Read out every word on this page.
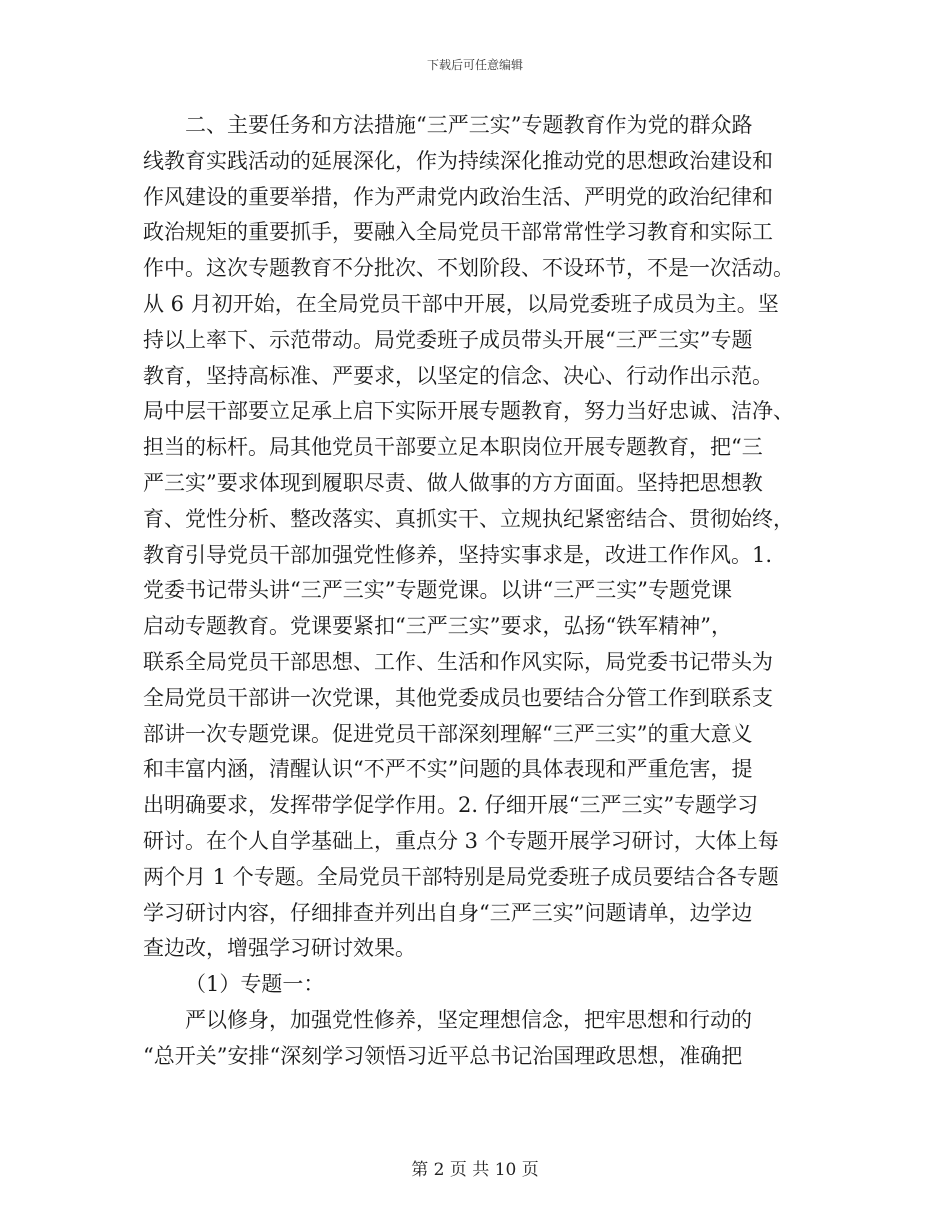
下载后可任意编辑
二、主要任务和方法措施“三严三实”专题教育作为党的群众路
线教育实践活动的延展深化，作为持续深化推动党的思想政治建设和
作风建设的重要举措，作为严肃党内政治生活、严明党的政治纪律和
政治规矩的重要抓手，要融入全局党员干部常常性学习教育和实际工
作中。这次专题教育不分批次、不划阶段、不设环节，不是一次活动。
从 6 月初开始，在全局党员干部中开展，以局党委班子成员为主。坚
持以上率下、示范带动。局党委班子成员带头开展“三严三实”专题
教育，坚持高标准、严要求，以坚定的信念、决心、行动作出示范。
局中层干部要立足承上启下实际开展专题教育，努力当好忠诚、洁净、
担当的标杆。局其他党员干部要立足本职岗位开展专题教育，把“三
严三实”要求体现到履职尽责、做人做事的方方面面。坚持把思想教
育、党性分析、整改落实、真抓实干、立规执纪紧密结合、贯彻始终，
教育引导党员干部加强党性修养，坚持实事求是，改进工作作风。1.
党委书记带头讲“三严三实”专题党课。以讲“三严三实”专题党课
启动专题教育。党课要紧扣“三严三实”要求，弘扬“铁军精神”，
联系全局党员干部思想、工作、生活和作风实际，局党委书记带头为
全局党员干部讲一次党课，其他党委成员也要结合分管工作到联系支
部讲一次专题党课。促进党员干部深刻理解“三严三实”的重大意义
和丰富内涵，清醒认识“不严不实”问题的具体表现和严重危害，提
出明确要求，发挥带学促学作用。2. 仔细开展“三严三实”专题学习
研讨。在个人自学基础上，重点分 3 个专题开展学习研讨，大体上每
两个月 1 个专题。全局党员干部特别是局党委班子成员要结合各专题
学习研讨内容，仔细排查并列出自身“三严三实”问题请单，边学边
查边改，增强学习研讨效果。
（1）专题一：
严以修身，加强党性修养，坚定理想信念，把牢思想和行动的
“总开关”安排“深刻学习领悟习近平总书记治国理政思想，准确把
第 2 页 共 10 页
